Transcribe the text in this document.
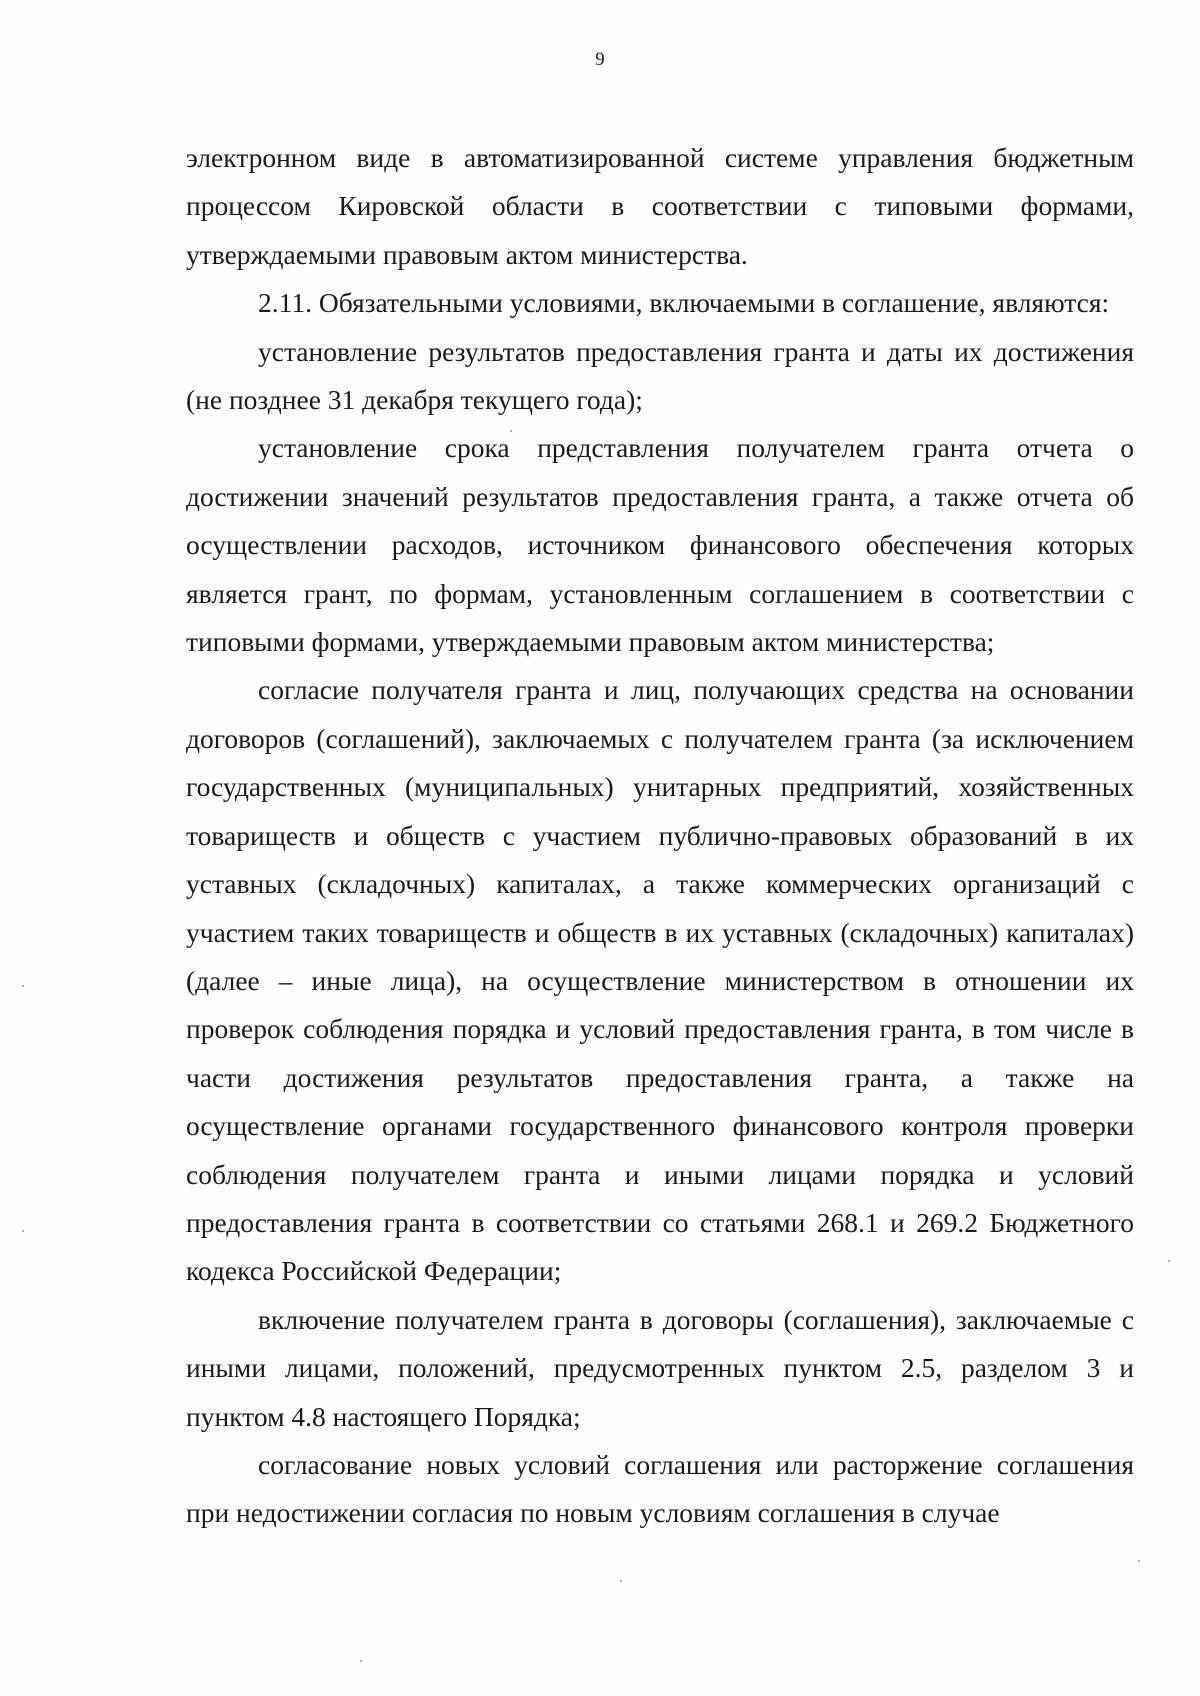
9

электронном виде в автоматизированной системе управления бюджетным процессом Кировской области в соответствии с типовыми формами, утверждаемыми правовым актом министерства.

2.11. Обязательными условиями, включаемыми в соглашение, являются:

установление результатов предоставления гранта и даты их достижения (не позднее 31 декабря текущего года);

установление срока представления получателем гранта отчета о достижении значений результатов предоставления гранта, а также отчета об осуществлении расходов, источником финансового обеспечения которых является грант, по формам, установленным соглашением в соответствии с типовыми формами, утверждаемыми правовым актом министерства;

согласие получателя гранта и лиц, получающих средства на основании договоров (соглашений), заключаемых с получателем гранта (за исключением государственных (муниципальных) унитарных предприятий, хозяйственных товариществ и обществ с участием публично-правовых образований в их уставных (складочных) капиталах, а также коммерческих организаций с участием таких товариществ и обществ в их уставных (складочных) капиталах) (далее – иные лица), на осуществление министерством в отношении их проверок соблюдения порядка и условий предоставления гранта, в том числе в части достижения результатов предоставления гранта, а также на осуществление органами государственного финансового контроля проверки соблюдения получателем гранта и иными лицами порядка и условий предоставления гранта в соответствии со статьями 268.1 и 269.2 Бюджетного кодекса Российской Федерации;

включение получателем гранта в договоры (соглашения), заключаемые с иными лицами, положений, предусмотренных пунктом 2.5, разделом 3 и пунктом 4.8 настоящего Порядка;

согласование новых условий соглашения или расторжение соглашения при недостижении согласия по новым условиям соглашения в случае
